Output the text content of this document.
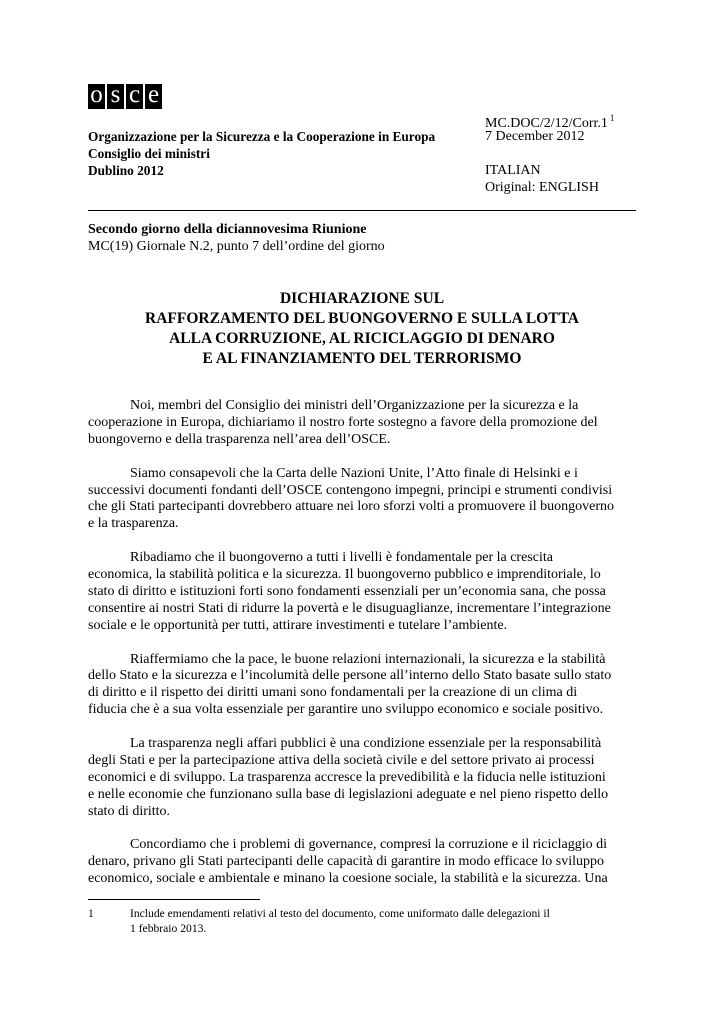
o s c e
MC.DOC/2/12/Corr.1 $^1$
Organizzazione per la Sicurezza e la Cooperazione in Europa
Consiglio dei ministri
Dublino 2012
7 December 2012
ITALIAN
Original: ENGLISH
Secondo giorno della diciannovesima Riunione
MC(19) Giornale N.2, punto 7 dell’ordine del giorno
DICHIARAZIONE SUL
RAFFORZAMENTO DEL BUONGOVERNO E SULLA LOTTA
ALLA CORRUZIONE, AL RICICLAGGIO DI DENARO
E AL FINANZIAMENTO DEL TERRORISMO

Noi, membri del Consiglio dei ministri dell’Organizzazione per la sicurezza e la
cooperazione in Europa, dichiariamo il nostro forte sostegno a favore della promozione del
buongoverno e della trasparenza nell’area dell’OSCE.

Siamo consapevoli che la Carta delle Nazioni Unite, l’Atto finale di Helsinki e i
successivi documenti fondanti dell’OSCE contengono impegni, principi e strumenti condivisi
che gli Stati partecipanti dovrebbero attuare nei loro sforzi volti a promuovere il buongoverno
e la trasparenza.

Ribadiamo che il buongoverno a tutti i livelli è fondamentale per la crescita
economica, la stabilità politica e la sicurezza. Il buongoverno pubblico e imprenditoriale, lo
stato di diritto e istituzioni forti sono fondamenti essenziali per un’economia sana, che possa
consentire ai nostri Stati di ridurre la povertà e le disuguaglianze, incrementare l’integrazione
sociale e le opportunità per tutti, attirare investimenti e tutelare l’ambiente.

Riaffermiamo che la pace, le buone relazioni internazionali, la sicurezza e la stabilità
dello Stato e la sicurezza e l’incolumità delle persone all’interno dello Stato basate sullo stato
di diritto e il rispetto dei diritti umani sono fondamentali per la creazione di un clima di
fiducia che è a sua volta essenziale per garantire uno sviluppo economico e sociale positivo.

La trasparenza negli affari pubblici è una condizione essenziale per la responsabilità
degli Stati e per la partecipazione attiva della società civile e del settore privato ai processi
economici e di sviluppo. La trasparenza accresce la prevedibilità e la fiducia nelle istituzioni
e nelle economie che funzionano sulla base di legislazioni adeguate e nel pieno rispetto dello
stato di diritto.

Concordiamo che i problemi di governance, compresi la corruzione e il riciclaggio di
denaro, privano gli Stati partecipanti delle capacità di garantire in modo efficace lo sviluppo
economico, sociale e ambientale e minano la coesione sociale, la stabilità e la sicurezza. Una

1	Include emendamenti relativi al testo del documento, come uniformato dalle delegazioni il
1 febbraio 2013.
